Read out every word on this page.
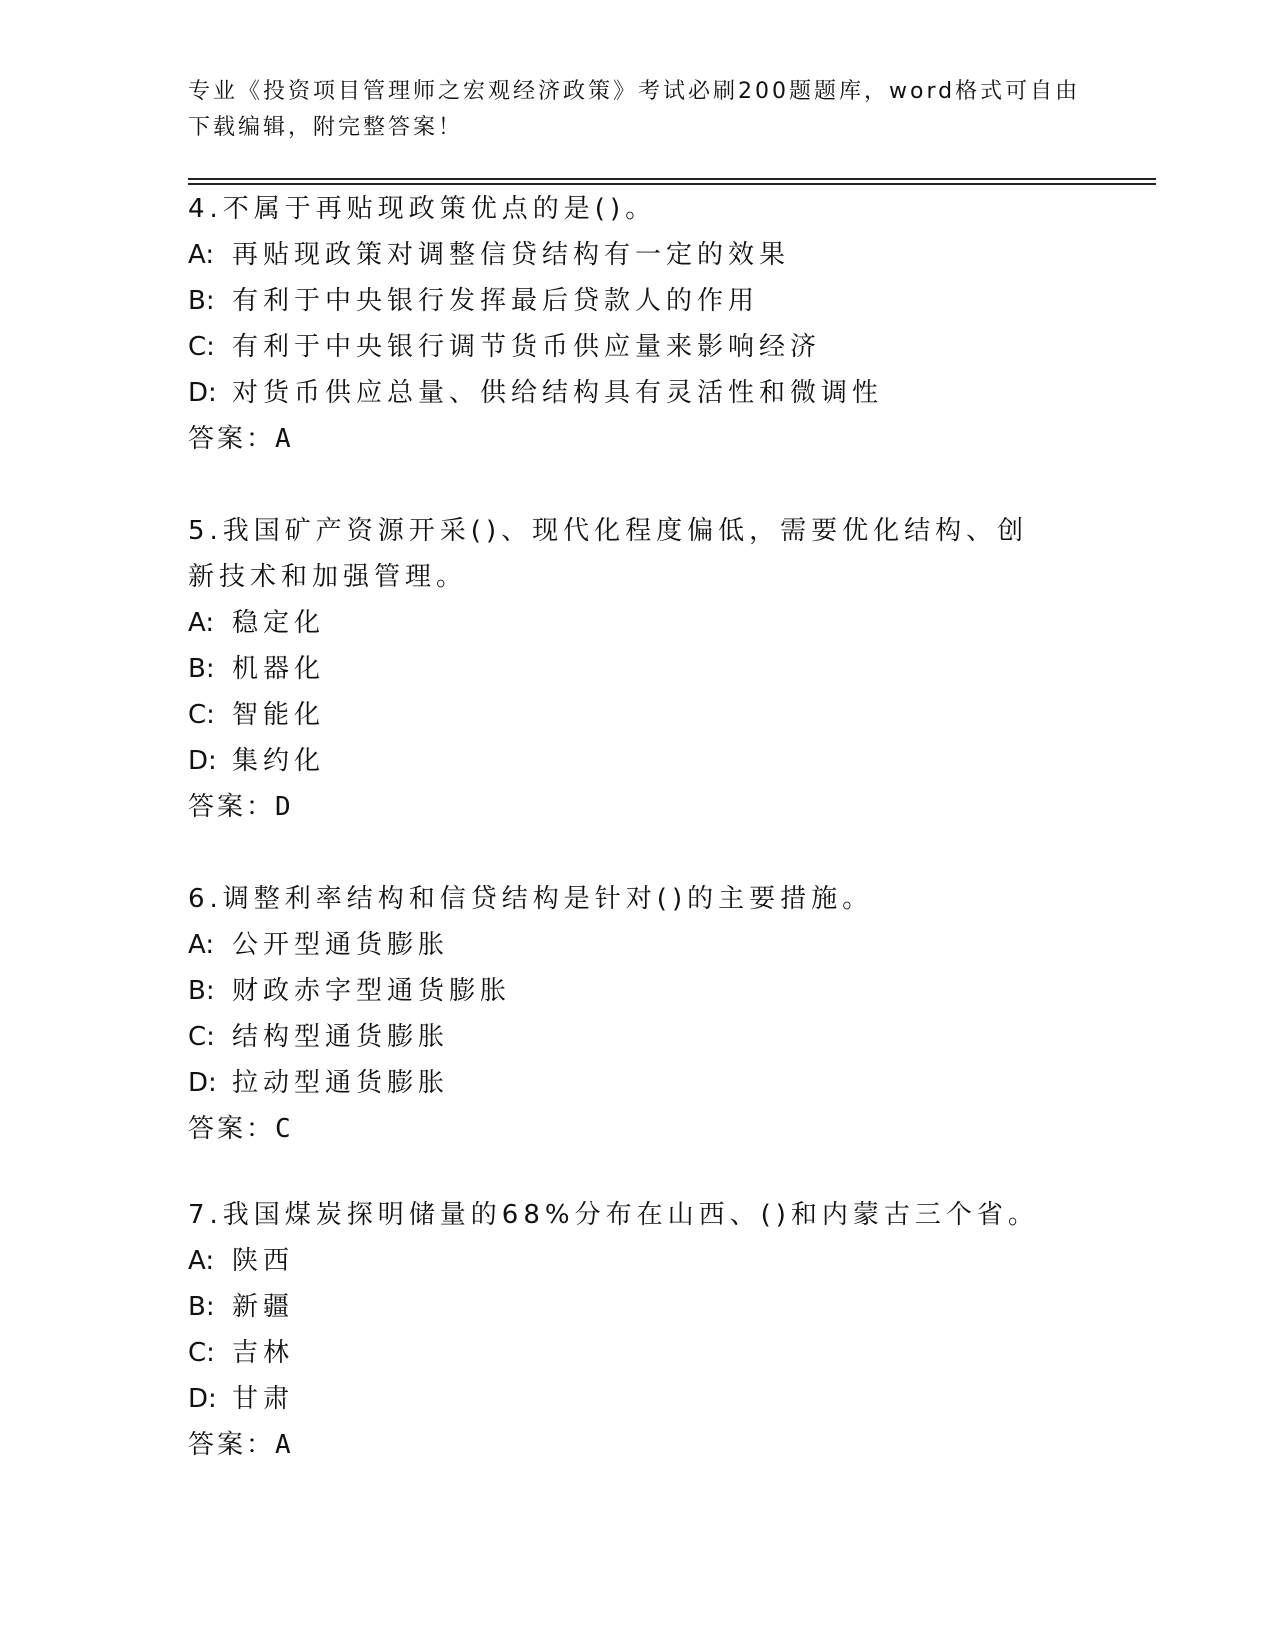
专业《投资项目管理师之宏观经济政策》考试必刷200题题库，word格式可自由下载编辑，附完整答案！
4.不属于再贴现政策优点的是()。
A: 再贴现政策对调整信贷结构有一定的效果
B: 有利于中央银行发挥最后贷款人的作用
C: 有利于中央银行调节货币供应量来影响经济
D: 对货币供应总量、供给结构具有灵活性和微调性
答案：A
5.我国矿产资源开采()、现代化程度偏低，需要优化结构、创新技术和加强管理。
A: 稳定化
B: 机器化
C: 智能化
D: 集约化
答案：D
6.调整利率结构和信贷结构是针对()的主要措施。
A: 公开型通货膨胀
B: 财政赤字型通货膨胀
C: 结构型通货膨胀
D: 拉动型通货膨胀
答案：C
7.我国煤炭探明储量的68%分布在山西、()和内蒙古三个省。
A: 陕西
B: 新疆
C: 吉林
D: 甘肃
答案：A
